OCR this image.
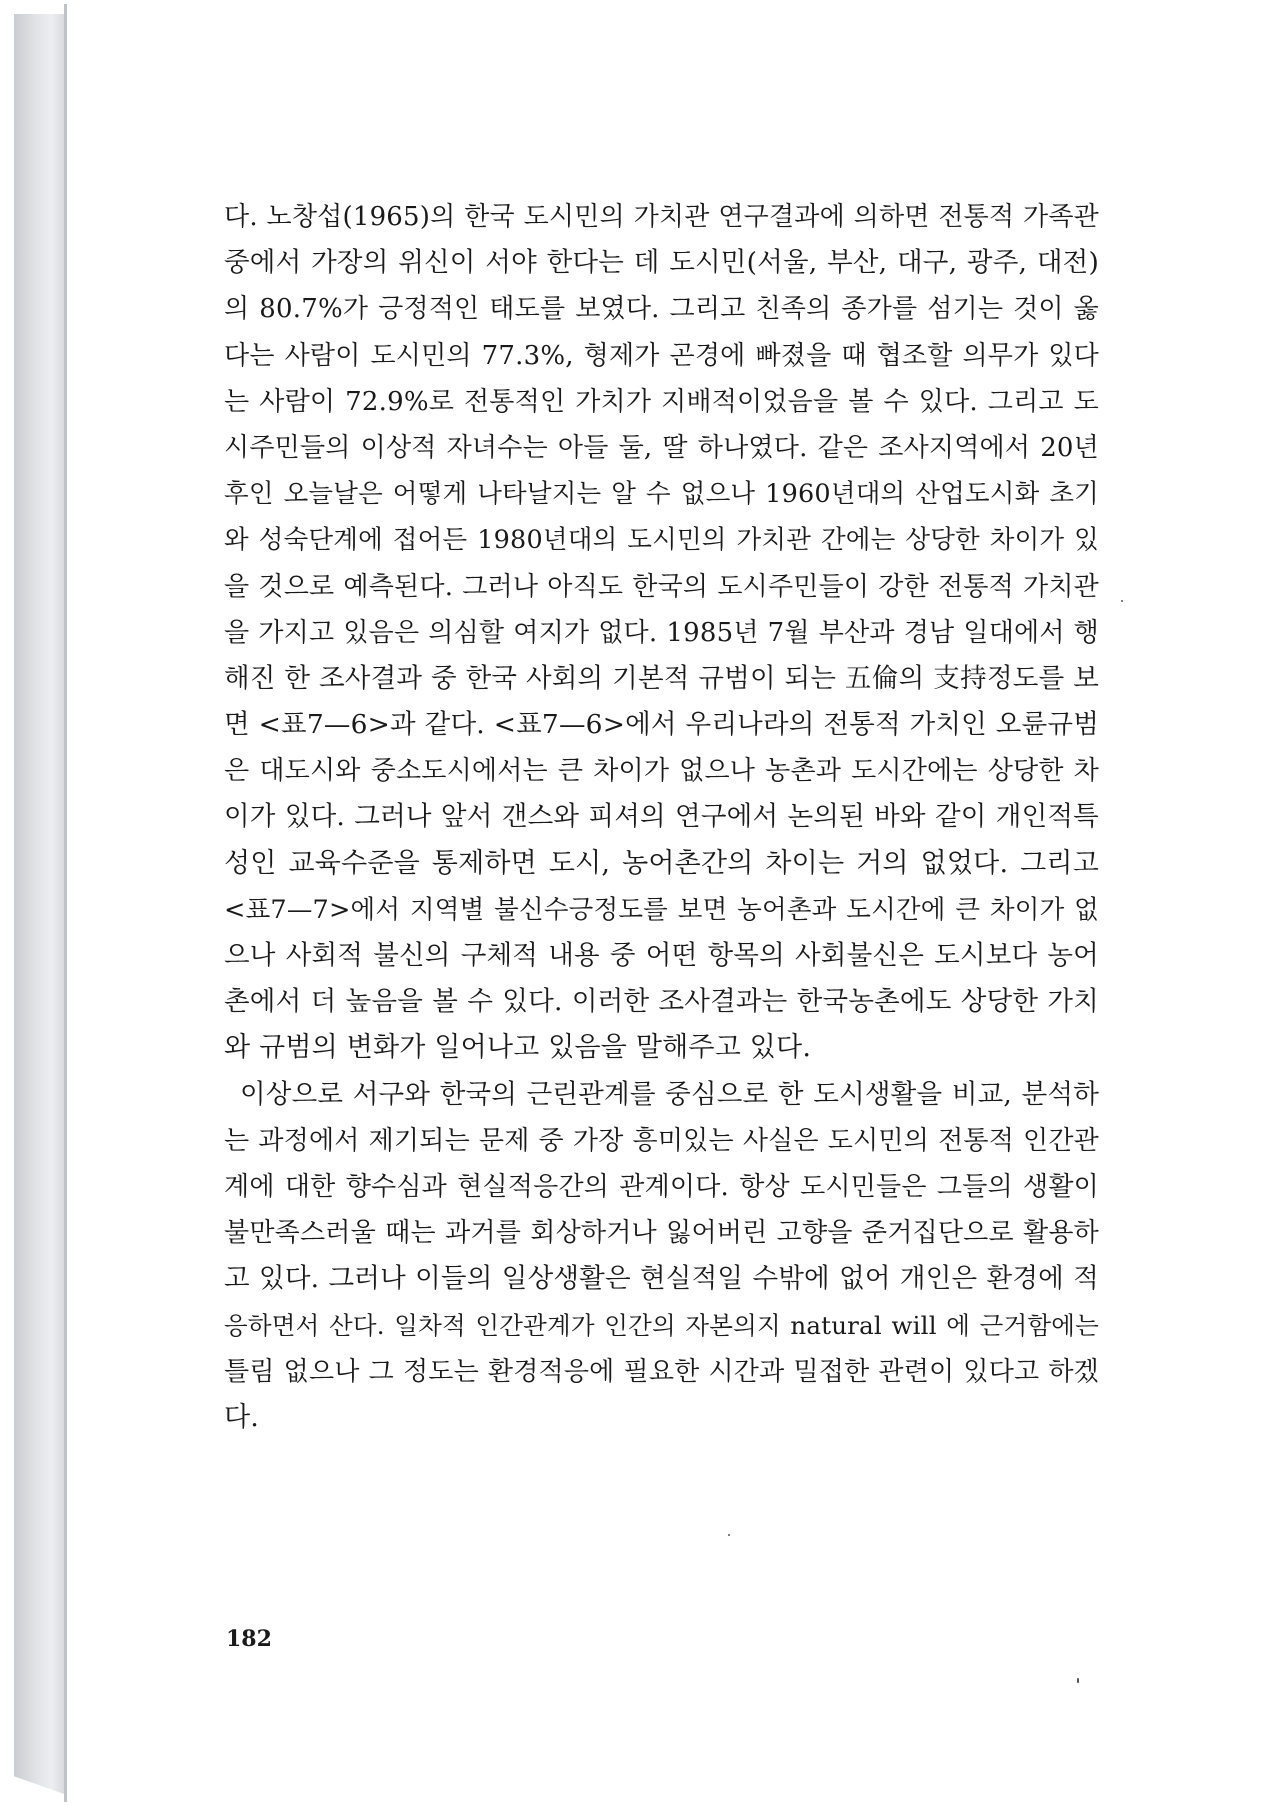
다. 노창섭(1965)의 한국 도시민의 가치관 연구결과에 의하면 전통적 가족관
중에서 가장의 위신이 서야 한다는 데 도시민(서울, 부산, 대구, 광주, 대전)
의 80.7%가 긍정적인 태도를 보였다. 그리고 친족의 종가를 섬기는 것이 옳
다는 사람이 도시민의 77.3%, 형제가 곤경에 빠졌을 때 협조할 의무가 있다
는 사람이 72.9%로 전통적인 가치가 지배적이었음을 볼 수 있다. 그리고 도
시주민들의 이상적 자녀수는 아들 둘, 딸 하나였다. 같은 조사지역에서 20년
후인 오늘날은 어떻게 나타날지는 알 수 없으나 1960년대의 산업도시화 초기
와 성숙단계에 접어든 1980년대의 도시민의 가치관 간에는 상당한 차이가 있
을 것으로 예측된다. 그러나 아직도 한국의 도시주민들이 강한 전통적 가치관
을 가지고 있음은 의심할 여지가 없다. 1985년 7월 부산과 경남 일대에서 행
해진 한 조사결과 중 한국 사회의 기본적 규범이 되는 五倫의 支持정도를 보
면 <표7—6>과 같다. <표7—6>에서 우리나라의 전통적 가치인 오륜규범
은 대도시와 중소도시에서는 큰 차이가 없으나 농촌과 도시간에는 상당한 차
이가 있다. 그러나 앞서 갠스와 피셔의 연구에서 논의된 바와 같이 개인적특
성인 교육수준을 통제하면 도시, 농어촌간의 차이는 거의 없었다. 그리고
<표7—7>에서 지역별 불신수긍정도를 보면 농어촌과 도시간에 큰 차이가 없
으나 사회적 불신의 구체적 내용 중 어떤 항목의 사회불신은 도시보다 농어
촌에서 더 높음을 볼 수 있다. 이러한 조사결과는 한국농촌에도 상당한 가치
와 규범의 변화가 일어나고 있음을 말해주고 있다.
이상으로 서구와 한국의 근린관계를 중심으로 한 도시생활을 비교, 분석하
는 과정에서 제기되는 문제 중 가장 흥미있는 사실은 도시민의 전통적 인간관
계에 대한 향수심과 현실적응간의 관계이다. 항상 도시민들은 그들의 생활이
불만족스러울 때는 과거를 회상하거나 잃어버린 고향을 준거집단으로 활용하
고 있다. 그러나 이들의 일상생활은 현실적일 수밖에 없어 개인은 환경에 적
응하면서 산다. 일차적 인간관계가 인간의 자본의지 natural will 에 근거함에는
틀림 없으나 그 정도는 환경적응에 필요한 시간과 밀접한 관련이 있다고 하겠
다.
182
